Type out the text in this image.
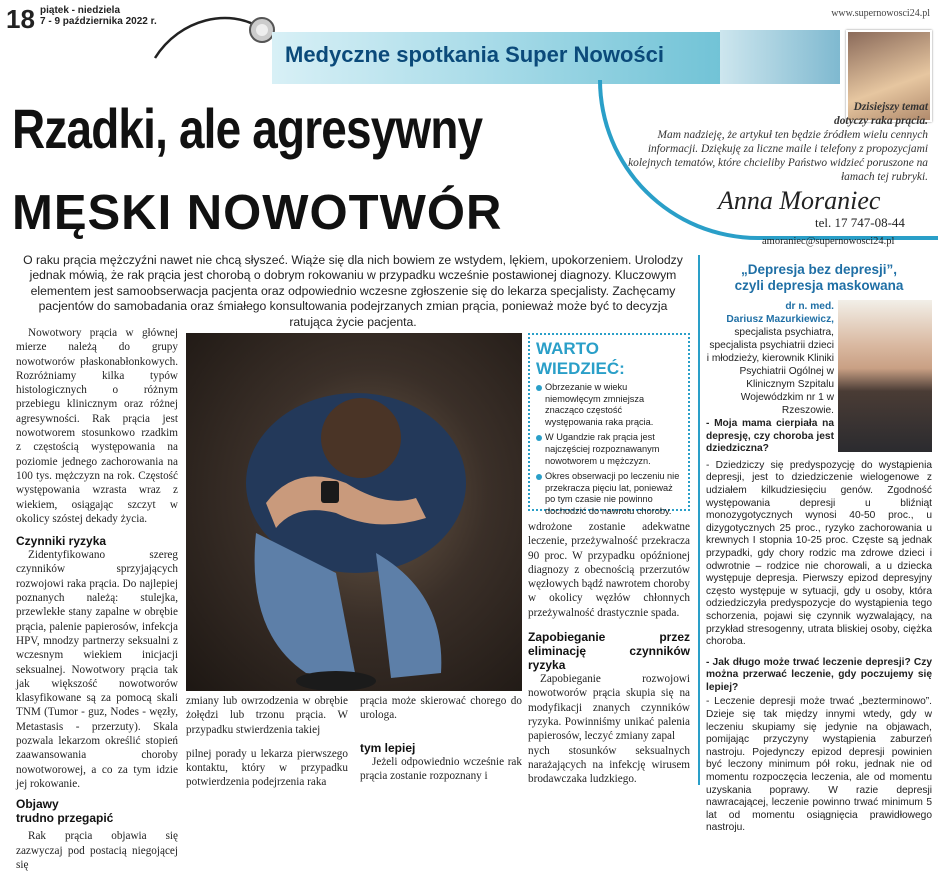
18 piątek - niedziela
7 - 9 października 2022 r.
www.supernowosci24.pl
Medyczne spotkania Super Nowości
Dzisiejszy temat
dotyczy raka prącia.
Mam nadzieję, że artykuł ten będzie źródłem wielu cennych informacji. Dziękuję za liczne maile i telefony z propozycjami kolejnych tematów, które chcieliby Państwo widzieć poruszone na łamach tej rubryki.
Anna Moraniec
tel. 17 747-08-44
amoraniec@supernowosci24.pl
Rzadki, ale agresywny
MĘSKI NOWOTWÓR
O raku prącia mężczyźni nawet nie chcą słyszeć. Wiąże się dla nich bowiem ze wstydem, lękiem, upokorzeniem. Urolodzy jednak mówią, że rak prącia jest chorobą o dobrym rokowaniu w przypadku wcześnie postawionej diagnozy. Kluczowym elementem jest samoobserwacja pacjenta oraz odpowiednio wczesne zgłoszenie się do lekarza specjalisty. Zachęcamy pacjentów do samobadania oraz śmiałego konsultowania podejrzanych zmian prącia, ponieważ może być to decyzja ratująca życie pacjenta.

Nowotwory prącia w głównej mierze należą do grupy nowotworów płaskonabłonkowych. Rozróżniamy kilka typów histologicznych o różnym przebiegu klinicznym oraz różnej agresywności. Rak prącia jest nowotworem stosunkowo rzadkim z częstością występowania na poziomie jednego zachorowania na 100 tys. mężczyzn na rok. Częstość występowania wzrasta wraz z wiekiem, osiągając szczyt w okolicy szóstej dekady życia.

Czynniki ryzyka

Zidentyfikowano szereg czynników sprzyjających rozwojowi raka prącia. Do najlepiej poznanych należą: stulejka, przewlekłe stany zapalne w obrębie prącia, palenie papierosów, infekcja HPV, mnodzy partnerzy seksualni z wczesnym wiekiem inicjacji seksualnej. Nowotwory prącia tak jak większość nowotworów klasyfikowane są za pomocą skali TNM (Tumor - guz, Nodes - węzły, Metastasis - przerzuty). Skala pozwala lekarzom określić stopień zaawansowania choroby nowotworowej, a co za tym idzie jej rokowanie.

Objawy
trudno przegapić

Rak prącia objawia się zazwyczaj pod postacią niegojącej się

zmiany lub owrzodzenia w obrębie żołędzi lub trzonu prącia. W przypadku stwierdzenia takiej

pilnej porady u lekarza pierwszego kontaktu, który w przypadku potwierdzenia podejrzenia raka

prącia może skierować chorego do urologa.

tym lepiej

Jeżeli odpowiednio wcześnie rak prącia zostanie rozpoznany i

WARTO WIEDZIEĆ:
Obrzezanie w wieku niemowlęcym zmniejsza znacząco częstość występowania raka prącia.
W Ugandzie rak prącia jest najczęściej rozpoznawanym nowotworem u mężczyzn.
Okres obserwacji po leczeniu nie przekracza pięciu lat, ponieważ po tym czasie nie powinno dochodzić do nawrotu choroby.

wdrożone zostanie adekwatne leczenie, przeżywalność przekracza 90 proc. W przypadku opóźnionej diagnozy z obecnością przerzutów węzłowych bądź nawrotem choroby w okolicy węzłów chłonnych przeżywalność drastycznie spada.

Zapobieganie przez eliminację czynników ryzyka

Zapobieganie rozwojowi nowotworów prącia skupia się na modyfikacji znanych czynników ryzyka. Powinniśmy unikać palenia papierosów, leczyć zmiany zapal

nych stosunków seksualnych narażających na infekcję wirusem brodawczaka ludzkiego.

„Depresja bez depresji”,
czyli depresja maskowana
dr n. med.
Dariusz Mazurkiewicz,
specjalista psychiatra, specjalista psychiatrii dzieci i młodzieży, kierownik Kliniki Psychiatrii Ogólnej w Klinicznym Szpitalu Wojewódzkim nr 1 w Rzeszowie.

- Moja mama cierpiała na depresję, czy choroba jest dziedziczna?

- Dziedziczy się predyspozycję do wystąpienia depresji, jest to dziedziczenie wielogenowe z udziałem kilkudziesięciu genów. Zgodność występowania depresji u bliźniąt monozygotycznych wynosi 40-50 proc., u dizygotycznych 25 proc., ryzyko zachorowania u krewnych I stopnia 10-25 proc. Częste są jednak przypadki, gdy chory rodzic ma zdrowe dzieci i odwrotnie – rodzice nie chorowali, a u dziecka występuje depresja. Pierwszy epizod depresyjny często występuje w sytuacji, gdy u osoby, która odziedziczyła predyspozycje do wystąpienia tego schorzenia, pojawi się czynnik wyzwalający, na przykład stresogenny, utrata bliskiej osoby, ciężka choroba.

- Jak długo może trwać leczenie depresji? Czy można przerwać leczenie, gdy poczujemy się lepiej?

- Leczenie depresji może trwać „bezterminowo”. Dzieje się tak między innymi wtedy, gdy w leczeniu skupiamy się jedynie na objawach, pomijając przyczyny wystąpienia zaburzeń nastroju. Pojedynczy epizod depresji powinien być leczony minimum pół roku, jednak nie od momentu rozpoczęcia leczenia, ale od momentu uzyskania poprawy. W razie depresji nawracającej, leczenie powinno trwać minimum 5 lat od momentu osiągnięcia prawidłowego nastroju.
